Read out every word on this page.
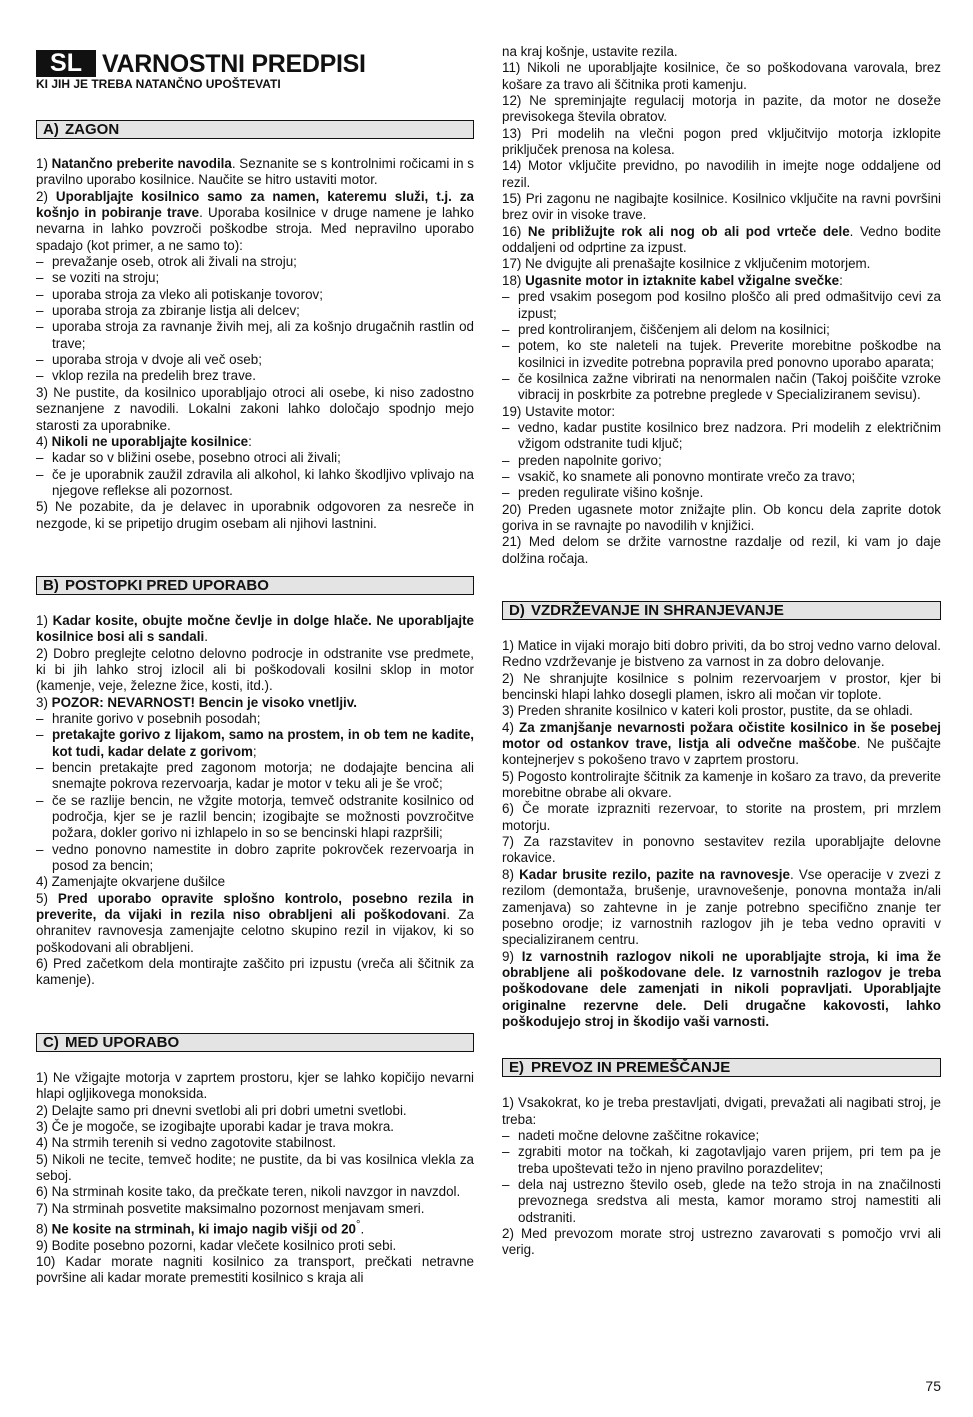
SL VARNOSTNI PREDPISI
KI JIH JE TREBA NATANČNO UPOŠTEVATI
A) ZAGON

1) Natančno preberite navodila. Seznanite se s kontrolnimi ročicami in s pravilno uporabo kosilnice. Naučite se hitro ustaviti motor.

2) Uporabljajte kosilnico samo za namen, kateremu služi, t.j. za košnjo in pobiranje trave. Uporaba kosilnice v druge namene je lahko nevarna in lahko povzroči poškodbe stroja. Med nepravilno uporabo spadajo (kot primer, a ne samo to):

– prevažanje oseb, otrok ali živali na stroju;
– se voziti na stroju;
– uporaba stroja za vleko ali potiskanje tovorov;
– uporaba stroja za zbiranje listja ali delcev;
– uporaba stroja za ravnanje živih mej, ali za košnjo drugačnih rastlin od trave;
– uporaba stroja v dvoje ali več oseb;
– vklop rezila na predelih brez trave.

3) Ne pustite, da kosilnico uporabljajo otroci ali osebe, ki niso zadostno seznanjene z navodili. Lokalni zakoni lahko določajo spodnjo mejo starosti za uporabnike.

4) Nikoli ne uporabljajte kosilnice:

– kadar so v bližini osebe, posebno otroci ali živali;
– če je uporabnik zaužil zdravila ali alkohol, ki lahko škodljivo vplivajo na njegove reflekse ali pozornost.

5) Ne pozabite, da je delavec in uporabnik odgovoren za nesreče in nezgode, ki se pripetijo drugim osebam ali njihovi lastnini.

B) POSTOPKI PRED UPORABO

1) Kadar kosite, obujte močne čevlje in dolge hlače. Ne uporabljajte kosilnice bosi ali s sandali.

2) Dobro preglejte celotno delovno podrocje in odstranite vse predmete, ki bi jih lahko stroj izlocil ali bi poškodovali kosilni sklop in motor (kamenje, veje, železne žice, kosti, itd.).

3) POZOR: NEVARNOST! Bencin je visoko vnetljiv.

– hranite gorivo v posebnih posodah;
– pretakajte gorivo z lijakom, samo na prostem, in ob tem ne kadite, kot tudi, kadar delate z gorivom;
– bencin pretakajte pred zagonom motorja; ne dodajajte bencina ali snemajte pokrova rezervoarja, kadar je motor v teku ali je še vroč;
– če se razlije bencin, ne vžgite motorja, temveč odstranite kosilnico od področja, kjer se je razlil bencin; izogibajte se možnosti povzročitve požara, dokler gorivo ni izhlapelo in so se bencinski hlapi razpršili;
– vedno ponovno namestite in dobro zaprite pokrovček rezervoarja in posod za bencin;

4) Zamenjajte okvarjene dušilce

5) Pred uporabo opravite splošno kontrolo, posebno rezila in preverite, da vijaki in rezila niso obrabljeni ali poškodovani. Za ohranitev ravnovesja zamenjajte celotno skupino rezil in vijakov, ki so poškodovani ali obrabljeni.

6) Pred začetkom dela montirajte zaščito pri izpustu (vreča ali ščitnik za kamenje).

C) MED UPORABO

1) Ne vžigajte motorja v zaprtem prostoru, kjer se lahko kopičijo nevarni hlapi ogljikovega monoksida.

2) Delajte samo pri dnevni svetlobi ali pri dobri umetni svetlobi.

3) Če je mogoče, se izogibajte uporabi kadar je trava mokra.

4) Na strmih terenih si vedno zagotovite stabilnost.

5) Nikoli ne tecite, temveč hodite; ne pustite, da bi vas kosilnica vlekla za seboj.

6) Na strminah kosite tako, da prečkate teren, nikoli navzgor in navzdol.

7) Na strminah posvetite maksimalno pozornost menjavam smeri.

8) Ne kosite na strminah, ki imajo nagib višji od 20°.

9) Bodite posebno pozorni, kadar vlečete kosilnico proti sebi.

10) Kadar morate nagniti kosilnico za transport, prečkati netravne površine ali kadar morate premestiti kosilnico s kraja ali

na kraj košnje, ustavite rezila.

11) Nikoli ne uporabljajte kosilnice, če so poškodovana varovala, brez košare za travo ali ščitnika proti kamenju.

12) Ne spreminjajte regulacij motorja in pazite, da motor ne doseže previsokega števila obratov.

13) Pri modelih na vlečni pogon pred vključitvijo motorja izklopite priključek prenosa na kolesa.

14) Motor vključite previdno, po navodilih in imejte noge oddaljene od rezil.

15) Pri zagonu ne nagibajte kosilnice. Kosilnico vključite na ravni površini brez ovir in visoke trave.

16) Ne približujte rok ali nog ob ali pod vrteče dele. Vedno bodite oddaljeni od odprtine za izpust.

17) Ne dvigujte ali prenašajte kosilnice z vključenim motorjem.

18) Ugasnite motor in iztaknite kabel vžigalne svečke:

– pred vsakim posegom pod kosilno ploščo ali pred odmašitvijo cevi za izpust;
– pred kontroliranjem, čiščenjem ali delom na kosilnici;
– potem, ko ste naleteli na tujek. Preverite morebitne poškodbe na kosilnici in izvedite potrebna popravila pred ponovno uporabo aparata;
– če kosilnica zažne vibrirati na nenormalen način (Takoj poiščite vzroke vibracij in poskrbite za potrebne preglede v Specializiranem sevisu).

19) Ustavite motor:

– vedno, kadar pustite kosilnico brez nadzora. Pri modelih z električnim vžigom odstranite tudi ključ;
– preden napolnite gorivo;
– vsakič, ko snamete ali ponovno montirate vrečo za travo;
– preden regulirate višino košnje.

20) Preden ugasnete motor znižajte plin. Ob koncu dela zaprite dotok goriva in se ravnajte po navodilih v knjižici.

21) Med delom se držite varnostne razdalje od rezil, ki vam jo daje dolžina ročaja.

D) VZDRŽEVANJE IN SHRANJEVANJE

1) Matice in vijaki morajo biti dobro priviti, da bo stroj vedno varno deloval. Redno vzdrževanje je bistveno za varnost in za dobro delovanje.

2) Ne shranjujte kosilnice s polnim rezervoarjem v prostor, kjer bi bencinski hlapi lahko dosegli plamen, iskro ali močan vir toplote.

3) Preden shranite kosilnico v kateri koli prostor, pustite, da se ohladi.

4) Za zmanjšanje nevarnosti požara očistite kosilnico in še posebej motor od ostankov trave, listja ali odvečne maščobe. Ne puščajte kontejnerjev s pokošeno travo v zaprtem prostoru.

5) Pogosto kontrolirajte ščitnik za kamenje in košaro za travo, da preverite morebitne obrabe ali okvare.

6) Če morate izprazniti rezervoar, to storite na prostem, pri mrzlem motorju.

7) Za razstavitev in ponovno sestavitev rezila uporabljajte delovne rokavice.

8) Kadar brusite rezilo, pazite na ravnovesje. Vse operacije v zvezi z rezilom (demontaža, brušenje, uravnovešenje, ponovna montaža in/ali zamenjava) so zahtevne in je zanje potrebno specifično znanje ter posebno orodje; iz varnostnih razlogov jih je teba vedno opraviti v specializiranem centru.

9) Iz varnostnih razlogov nikoli ne uporabljajte stroja, ki ima že obrabljene ali poškodovane dele. Iz varnostnih razlogov je treba poškodovane dele zamenjati in nikoli popravljati. Uporabljajte originalne rezervne dele. Deli drugačne kakovosti, lahko poškodujejo stroj in škodijo vaši varnosti.

E) PREVOZ IN PREMEŠČANJE

1) Vsakokrat, ko je treba prestavljati, dvigati, prevažati ali nagibati stroj, je treba:

– nadeti močne delovne zaščitne rokavice;
– zgrabiti motor na točkah, ki zagotavljajo varen prijem, pri tem pa je treba upoštevati težo in njeno pravilno porazdelitev;
– dela naj ustrezno število oseb, glede na težo stroja in na značilnosti prevoznega sredstva ali mesta, kamor moramo stroj namestiti ali odstraniti.

2) Med prevozom morate stroj ustrezno zavarovati s pomočjo vrvi ali verig.

75
